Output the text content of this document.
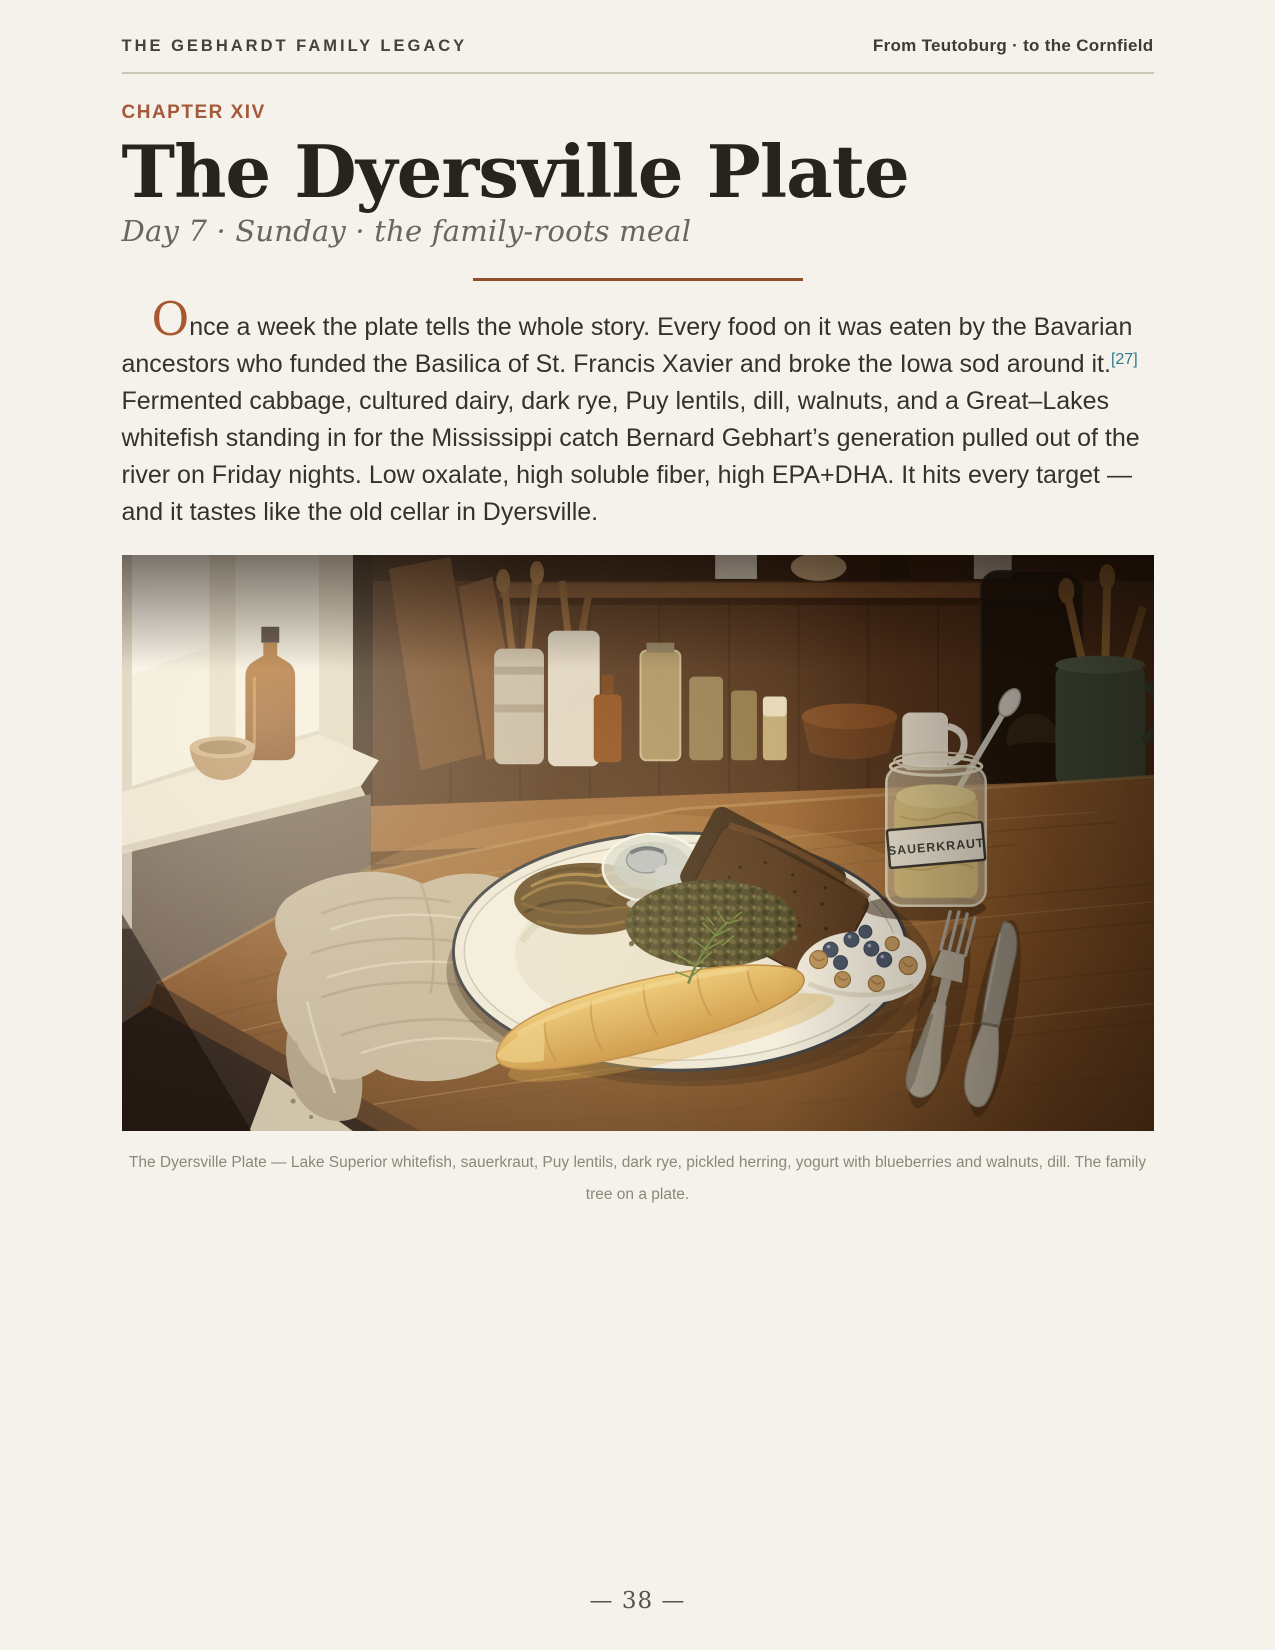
THE GEBHARDT FAMILY LEGACY	From Teutoburg · to the Cornfield
CHAPTER XIV
The Dyersville Plate
Day 7 · Sunday · the family-roots meal

Once a week the plate tells the whole story. Every food on it was eaten by the Bavarian ancestors who funded the Basilica of St. Francis Xavier and broke the Iowa sod around it.[27] Fermented cabbage, cultured dairy, dark rye, Puy lentils, dill, walnuts, and a Great–Lakes whitefish standing in for the Mississippi catch Bernard Gebhart’s generation pulled out of the river on Friday nights. Low oxalate, high soluble fiber, high EPA+DHA. It hits every target — and it tastes like the old cellar in Dyersville.

The Dyersville Plate — Lake Superior whitefish, sauerkraut, Puy lentils, dark rye, pickled herring, yogurt with blueberries and walnuts, dill. The family tree on a plate.
— 38 —
